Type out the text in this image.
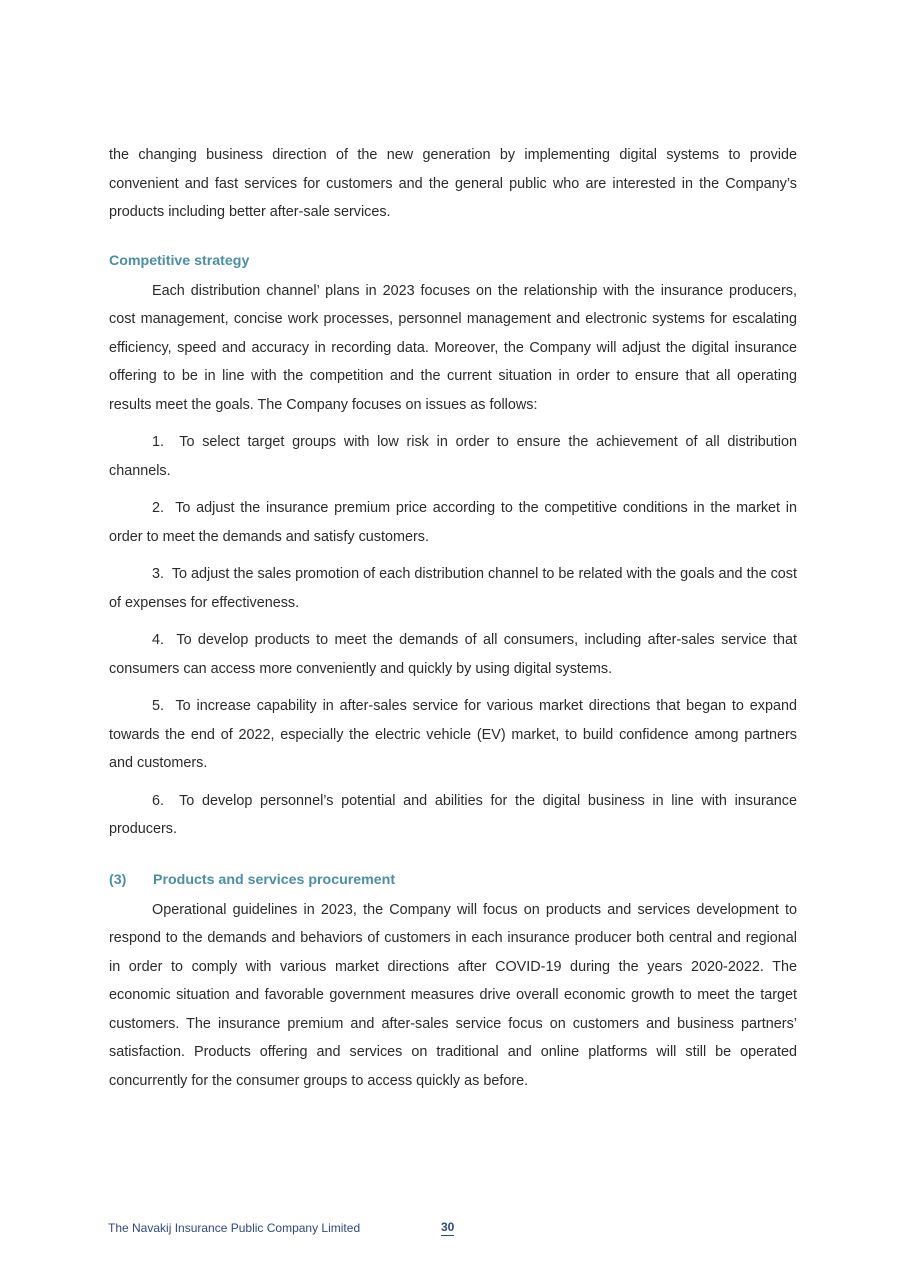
the changing business direction of the new generation by implementing digital systems to provide convenient and fast services for customers and the general public who are interested in the Company’s products including better after-sale services.

Competitive strategy

Each distribution channel’ plans in 2023 focuses on the relationship with the insurance producers, cost management, concise work processes, personnel management and electronic systems for escalating efficiency, speed and accuracy in recording data. Moreover, the Company will adjust the digital insurance offering to be in line with the competition and the current situation in order to ensure that all operating results meet the goals. The Company focuses on issues as follows:

1. To select target groups with low risk in order to ensure the achievement of all distribution channels.

2. To adjust the insurance premium price according to the competitive conditions in the market in order to meet the demands and satisfy customers.

3. To adjust the sales promotion of each distribution channel to be related with the goals and the cost of expenses for effectiveness.

4. To develop products to meet the demands of all consumers, including after-sales service that consumers can access more conveniently and quickly by using digital systems.

5. To increase capability in after-sales service for various market directions that began to expand towards the end of 2022, especially the electric vehicle (EV) market, to build confidence among partners and customers.

6. To develop personnel’s potential and abilities for the digital business in line with insurance producers.

(3) Products and services procurement

Operational guidelines in 2023, the Company will focus on products and services development to respond to the demands and behaviors of customers in each insurance producer both central and regional in order to comply with various market directions after COVID-19 during the years 2020-2022. The economic situation and favorable government measures drive overall economic growth to meet the target customers. The insurance premium and after-sales service focus on customers and business partners’ satisfaction. Products offering and services on traditional and online platforms will still be operated concurrently for the consumer groups to access quickly as before.

The Navakij Insurance Public Company Limited	30
